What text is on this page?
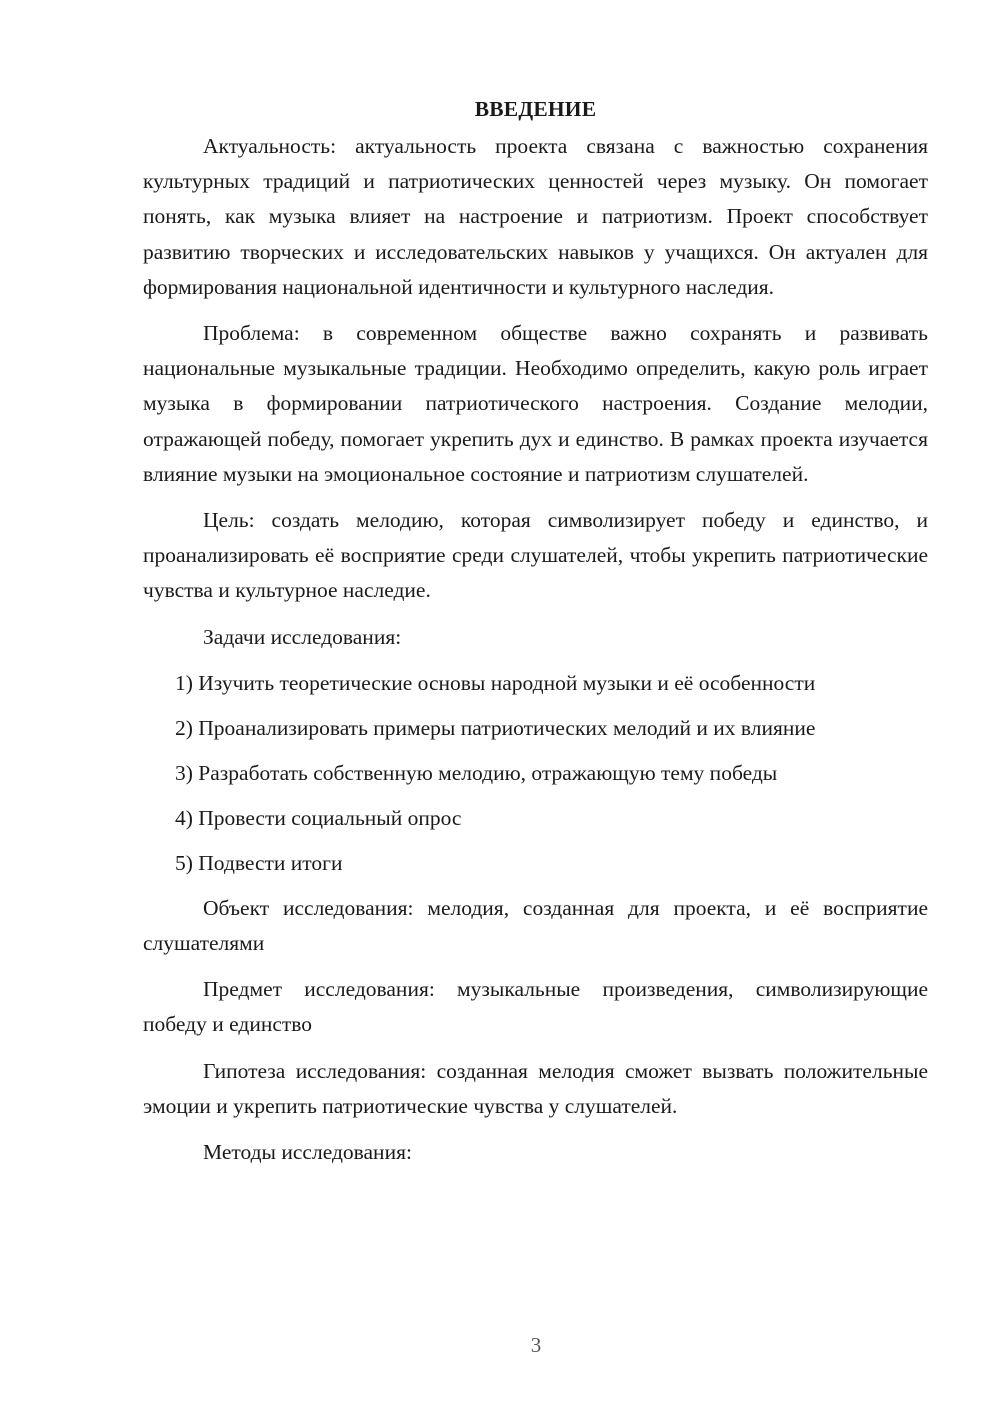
ВВЕДЕНИЕ

Актуальность: актуальность проекта связана с важностью сохранения культурных традиций и патриотических ценностей через музыку. Он помогает понять, как музыка влияет на настроение и патриотизм. Проект способствует развитию творческих и исследовательских навыков у учащихся. Он актуален для формирования национальной идентичности и культурного наследия.

Проблема: в современном обществе важно сохранять и развивать национальные музыкальные традиции. Необходимо определить, какую роль играет музыка в формировании патриотического настроения. Создание мелодии, отражающей победу, помогает укрепить дух и единство. В рамках проекта изучается влияние музыки на эмоциональное состояние и патриотизм слушателей.

Цель: создать мелодию, которая символизирует победу и единство, и проанализировать её восприятие среди слушателей, чтобы укрепить патриотические чувства и культурное наследие.

Задачи исследования:

1) Изучить теоретические основы народной музыки и её особенности
2) Проанализировать примеры патриотических мелодий и их влияние
3) Разработать собственную мелодию, отражающую тему победы
4) Провести социальный опрос
5) Подвести итоги

Объект исследования: мелодия, созданная для проекта, и её восприятие слушателями

Предмет исследования: музыкальные произведения, символизирующие победу и единство

Гипотеза исследования: созданная мелодия сможет вызвать положительные эмоции и укрепить патриотические чувства у слушателей.

Методы исследования:

3
